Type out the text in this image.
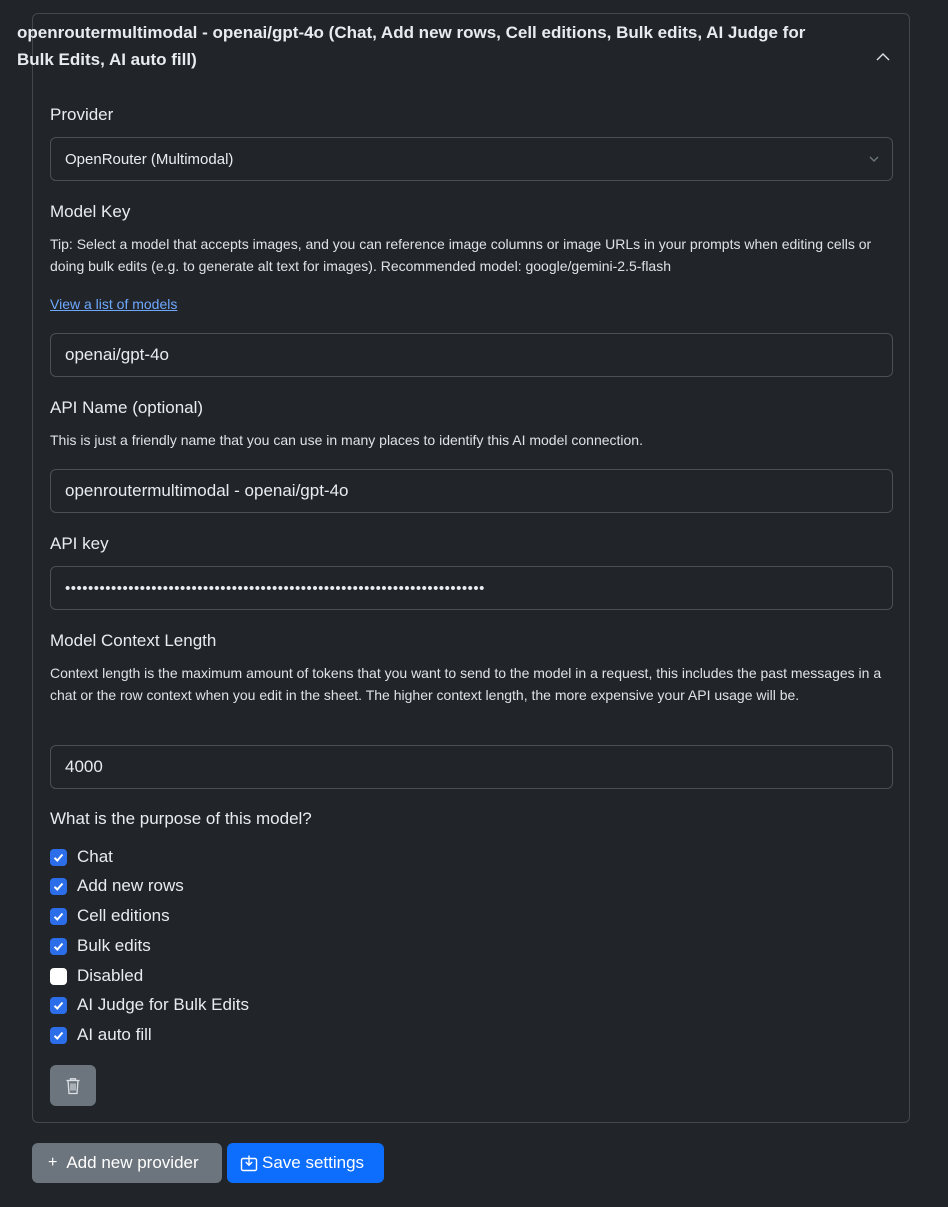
openroutermultimodal - openai/gpt-4o (Chat, Add new rows, Cell editions, Bulk edits, AI Judge for Bulk Edits, AI auto fill)
Provider
OpenRouter (Multimodal)
Model Key
Tip: Select a model that accepts images, and you can reference image columns or image URLs in your prompts when editing cells or doing bulk edits (e.g. to generate alt text for images). Recommended model: google/gemini-2.5-flash
View a list of models
openai/gpt-4o
API Name (optional)
This is just a friendly name that you can use in many places to identify this AI model connection.
openroutermultimodal - openai/gpt-4o
API key
•••••••••••••••••••••••••••••••••••••••••••••••••••••••••••••••••••••••••
Model Context Length
Context length is the maximum amount of tokens that you want to send to the model in a request, this includes the past messages in a chat or the row context when you edit in the sheet. The higher context length, the more expensive your API usage will be.
4000
What is the purpose of this model?
Chat
Add new rows
Cell editions
Bulk edits
Disabled
AI Judge for Bulk Edits
AI auto fill
+ Add new provider	Save settings
